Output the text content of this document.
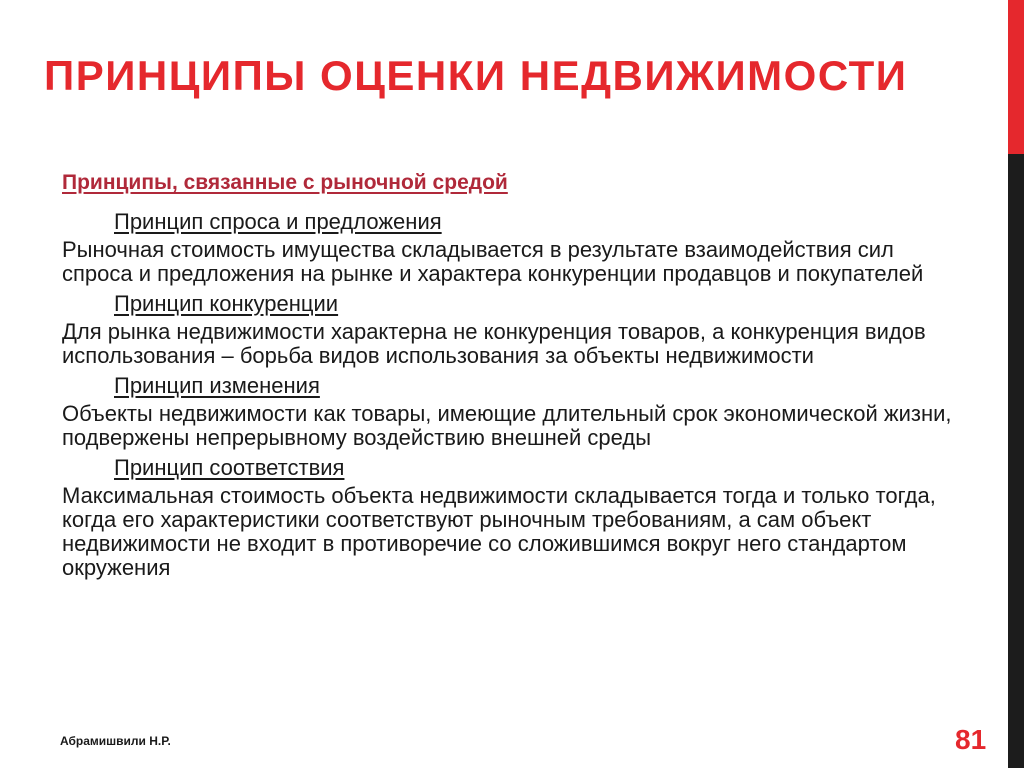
ПРИНЦИПЫ ОЦЕНКИ НЕДВИЖИМОСТИ

Принципы, связанные с рыночной средой

Принцип спроса и предложения

Рыночная стоимость имущества складывается в результате взаимодействия сил спроса и предложения на рынке и характера конкуренции продавцов и покупателей

Принцип конкуренции

Для рынка недвижимости характерна не конкуренция товаров, а конкуренция видов использования – борьба видов использования за объекты недвижимости

Принцип изменения

Объекты недвижимости как товары, имеющие длительный срок экономической жизни, подвержены непрерывному воздействию внешней среды

Принцип соответствия

Максимальная стоимость объекта недвижимости складывается тогда и только тогда, когда его характеристики соответствуют рыночным требованиям, а сам объект недвижимости не входит в противоречие со сложившимся вокруг него стандартом окружения

Абрамишвили Н.Р.	81
